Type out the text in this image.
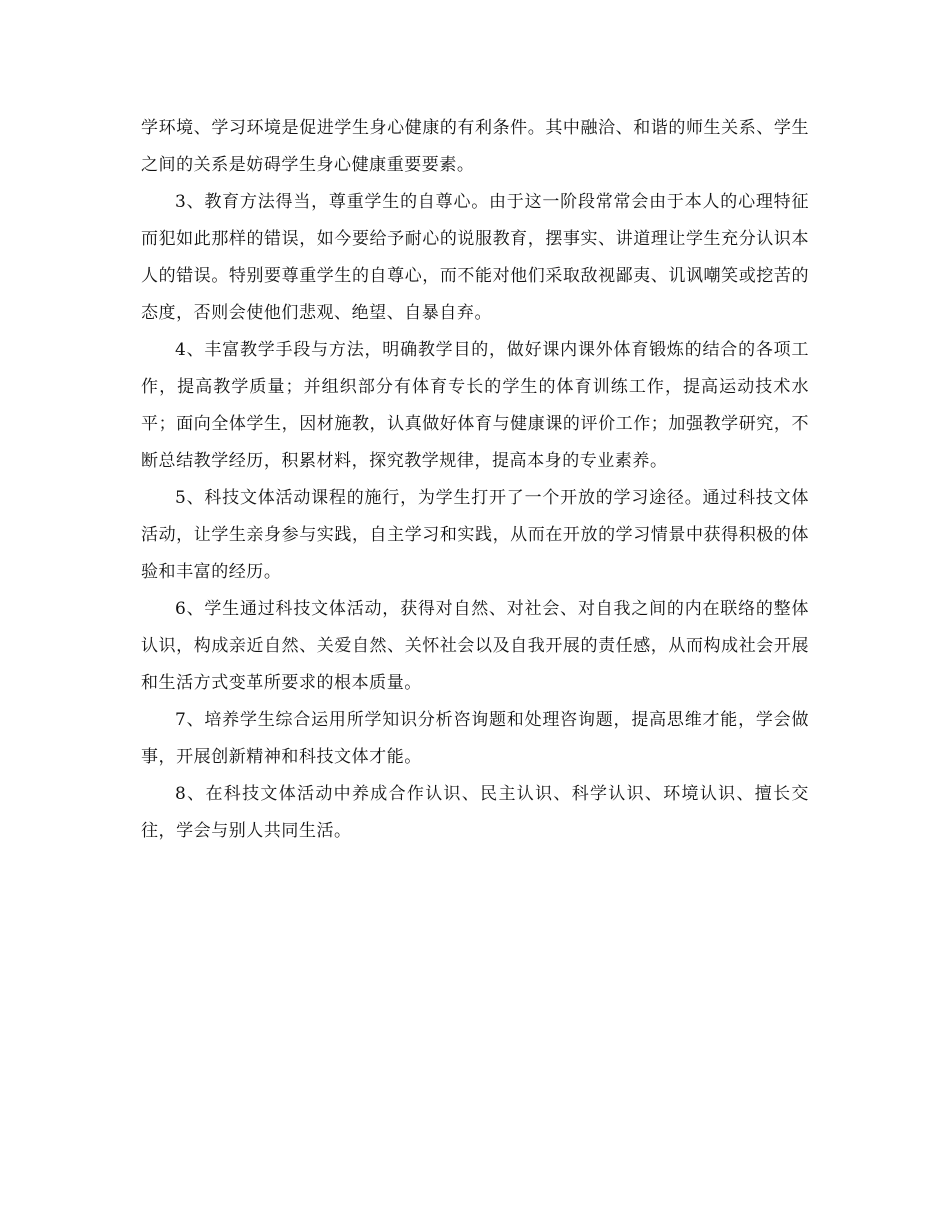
学环境、学习环境是促进学生身心健康的有利条件。其中融洽、和谐的师生关系、学生之间的关系是妨碍学生身心健康重要要素。

3、教育方法得当，尊重学生的自尊心。由于这一阶段常常会由于本人的心理特征而犯如此那样的错误，如今要给予耐心的说服教育，摆事实、讲道理让学生充分认识本人的错误。特别要尊重学生的自尊心，而不能对他们采取敌视鄙夷、讥讽嘲笑或挖苦的态度，否则会使他们悲观、绝望、自暴自弃。

4、丰富教学手段与方法，明确教学目的，做好课内课外体育锻炼的结合的各项工作，提高教学质量；并组织部分有体育专长的学生的体育训练工作，提高运动技术水平；面向全体学生，因材施教，认真做好体育与健康课的评价工作；加强教学研究，不断总结教学经历，积累材料，探究教学规律，提高本身的专业素养。

5、科技文体活动课程的施行，为学生打开了一个开放的学习途径。通过科技文体活动，让学生亲身参与实践，自主学习和实践，从而在开放的学习情景中获得积极的体验和丰富的经历。

6、学生通过科技文体活动，获得对自然、对社会、对自我之间的内在联络的整体认识，构成亲近自然、关爱自然、关怀社会以及自我开展的责任感，从而构成社会开展和生活方式变革所要求的根本质量。

7、培养学生综合运用所学知识分析咨询题和处理咨询题，提高思维才能，学会做事，开展创新精神和科技文体才能。

8、在科技文体活动中养成合作认识、民主认识、科学认识、环境认识、擅长交往，学会与别人共同生活。
